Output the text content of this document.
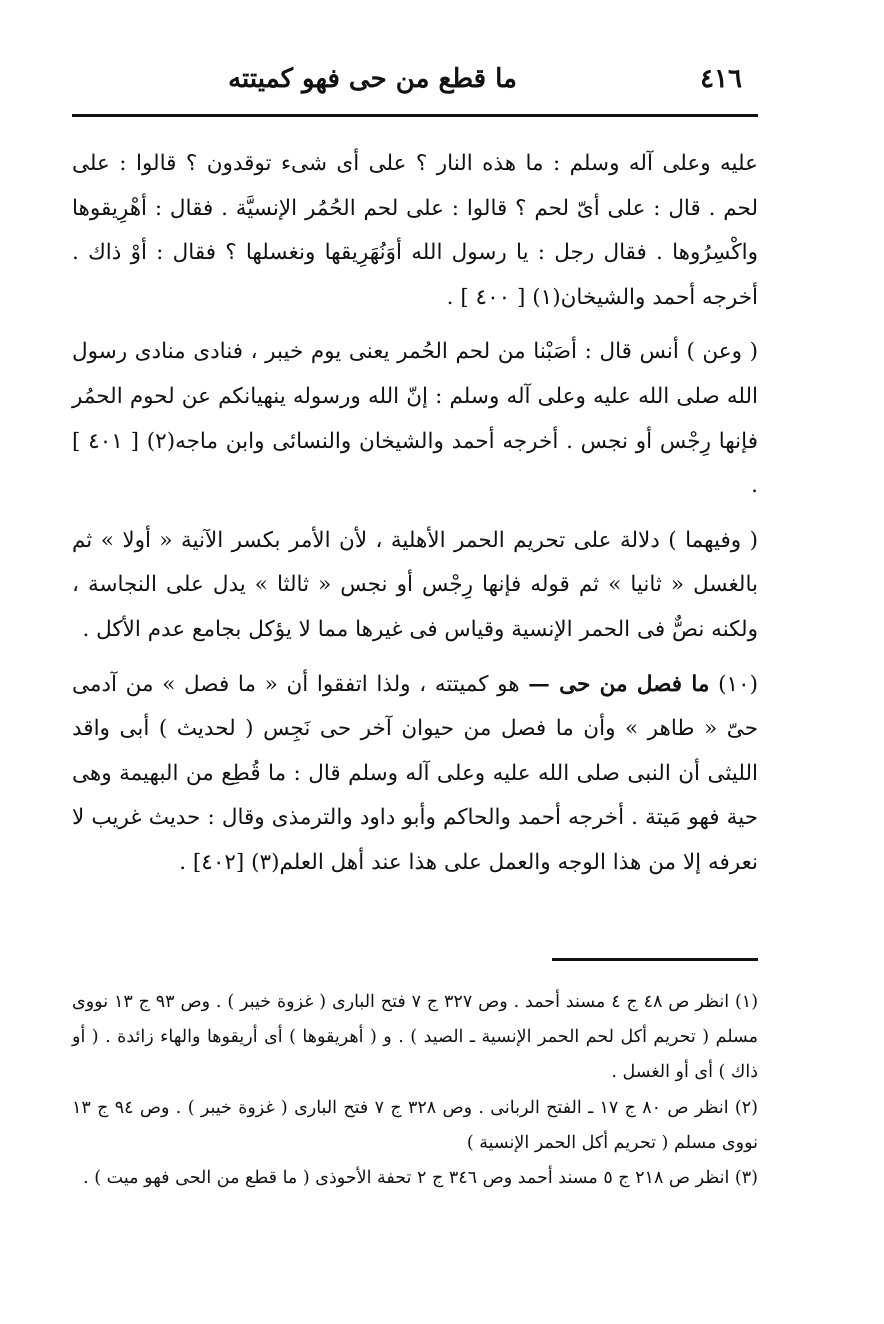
٤١٦
ما قطع من حى فهو كميتته

عليه وعلى آله وسلم : ما هذه النار ؟ على أى شىء توقدون ؟ قالوا : على لحم . قال : على أىّ لحم ؟ قالوا : على لحم الحُمُر الإنسيَّة . فقال : أهْرِيقوها واكْسِرُوها . فقال رجل : يا رسول الله أوَنُهَرِيقها ونغسلها ؟ فقال : أوْ ذاك . أخرجه أحمد والشيخان(١) [ ٤٠٠ ] .

( وعن ) أنس قال : أصَبْنا من لحم الحُمر يعنى يوم خيبر ، فنادى منادى رسول الله صلى الله عليه وعلى آله وسلم : إنّ الله ورسوله ينهيانكم عن لحوم الحمُر فإنها رِجْس أو نجس . أخرجه أحمد والشيخان والنسائى وابن ماجه(٢) [ ٤٠١ ] .

( وفيهما ) دلالة على تحريم الحمر الأهلية ، لأن الأمر بكسر الآنية « أولا » ثم بالغسل « ثانيا » ثم قوله فإنها رِجْس أو نجس « ثالثا » يدل على النجاسة ، ولكنه نصٌّ فى الحمر الإنسية وقياس فى غيرها مما لا يؤكل بجامع عدم الأكل .

(١٠) ما فصل من حى — هو كميتته ، ولذا اتفقوا أن « ما فصل » من آدمى حىّ « طاهر » وأن ما فصل من حيوان آخر حى نَجِس ( لحديث ) أبى واقد الليثى أن النبى صلى الله عليه وعلى آله وسلم قال : ما قُطِع من البهيمة وهى حية فهو مَيتة . أخرجه أحمد والحاكم وأبو داود والترمذى وقال : حديث غريب لا نعرفه إلا من هذا الوجه والعمل على هذا عند أهل العلم(٣) [٤٠٢] .

(١) انظر ص ٤٨ ج ٤ مسند أحمد . وص ٣٢٧ ج ٧ فتح البارى ( غزوة خيبر ) . وص ٩٣ ج ١٣ نووى مسلم ( تحريم أكل لحم الحمر الإنسية ـ الصيد ) . و ( أهريقوها ) أى أريقوها والهاء زائدة . ( أو ذاك ) أى أو الغسل .

(٢) انظر ص ٨٠ ج ١٧ ـ الفتح الربانى . وص ٣٢٨ ج ٧ فتح البارى ( غزوة خيبر ) . وص ٩٤ ج ١٣ نووى مسلم ( تحريم أكل الحمر الإنسية )

(٣) انظر ص ٢١٨ ج ٥ مسند أحمد وص ٣٤٦ ج ٢ تحفة الأحوذى ( ما قطع من الحى فهو ميت ) .
